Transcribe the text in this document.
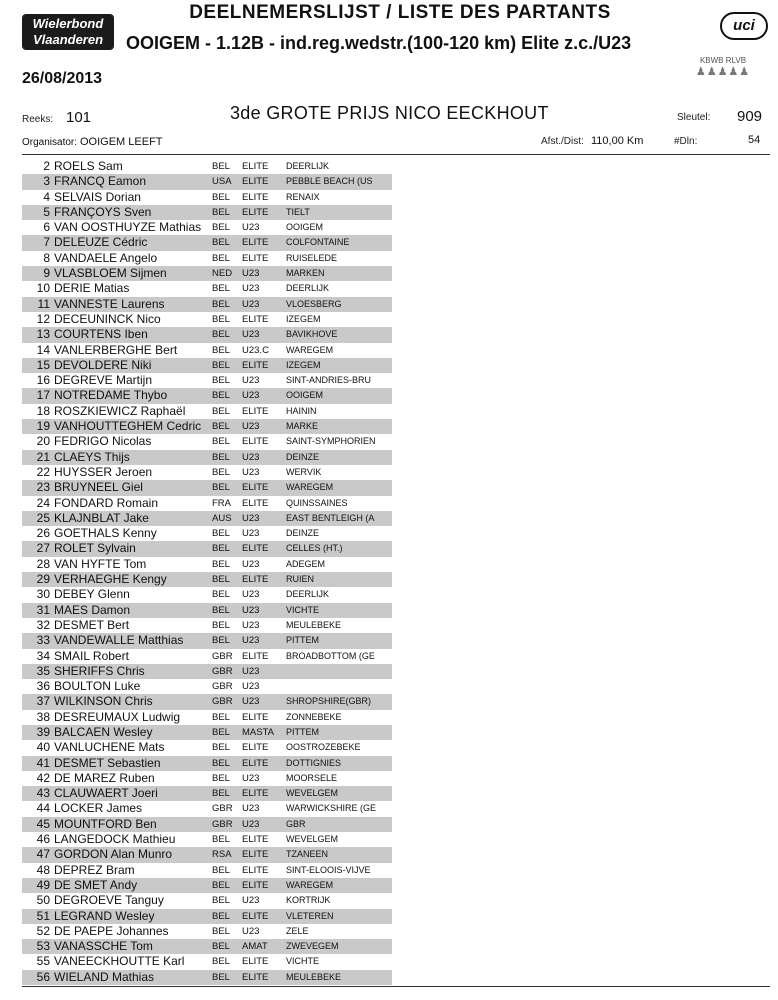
Wielerbond
Vlaanderen
DEELNEMERSLIJST / LISTE DES PARTANTS
OOIGEM - 1.12B - ind.reg.wedstr.(100-120 km) Elite z.c./U23
uci
KBWB RLVB
♟♟♟♟♟
26/08/2013
Reeks: 101	3de GROTE PRIJS NICO EECKHOUT	Sleutel: 909
Organisator: OOIGEM LEEFT	Afst./Dist: 110,00 Km	#Dln:	54
2 ROELS Sam	BEL ELITE DEERLIJK
3 FRANCQ Eamon	USA ELITE PEBBLE BEACH (US
4 SELVAIS Dorian	BEL ELITE RENAIX
5 FRANÇOYS Sven	BEL ELITE TIELT
6 VAN OOSTHUYZE Mathias	BEL U23	OOIGEM
7 DELEUZE Cédric	BEL ELITE COLFONTAINE
8 VANDAELE Angelo	BEL ELITE RUISELEDE
9 VLASBLOEM Sijmen	NED U23	MARKEN
10 DERIE Matias	BEL U23	DEERLIJK
11 VANNESTE Laurens	BEL U23	VLOESBERG
12 DECEUNINCK Nico	BEL ELITE IZEGEM
13 COURTENS Iben	BEL U23	BAVIKHOVE
14 VANLERBERGHE Bert	BEL U23.C WAREGEM
15 DEVOLDERE Niki	BEL ELITE IZEGEM
16 DEGREVE Martijn	BEL U23	SINT-ANDRIES-BRU
17 NOTREDAME Thybo	BEL U23	OOIGEM
18 ROSZKIEWICZ Raphaël	BEL ELITE HAININ
19 VANHOUTTEGHEM Cedric	BEL U23	MARKE
20 FEDRIGO Nicolas	BEL ELITE SAINT-SYMPHORIEN
21 CLAEYS Thijs	BEL U23	DEINZE
22 HUYSSER Jeroen	BEL U23	WERVIK
23 BRUYNEEL Giel	BEL ELITE WAREGEM
24 FONDARD Romain	FRA ELITE QUINSSAINES
25 KLAJNBLAT Jake	AUS U23	EAST BENTLEIGH (A
26 GOETHALS Kenny	BEL U23	DEINZE
27 ROLET Sylvain	BEL ELITE CELLES (HT.)
28 VAN HYFTE Tom	BEL U23	ADEGEM
29 VERHAEGHE Kengy	BEL ELITE RUIEN
30 DEBEY Glenn	BEL U23	DEERLIJK
31 MAES Damon	BEL U23	VICHTE
32 DESMET Bert	BEL U23	MEULEBEKE
33 VANDEWALLE Matthias	BEL U23	PITTEM
34 SMAIL Robert	GBR ELITE BROADBOTTOM (GE
35 SHERIFFS Chris	GBR U23
36 BOULTON Luke	GBR U23
37 WILKINSON Chris	GBR U23	SHROPSHIRE(GBR)
38 DESREUMAUX Ludwig	BEL ELITE ZONNEBEKE
39 BALCAEN Wesley	BEL MASTA PITTEM
40 VANLUCHENE Mats	BEL ELITE OOSTROZEBEKE
41 DESMET Sebastien	BEL ELITE DOTTIGNIES
42 DE MAREZ Ruben	BEL U23	MOORSELE
43 CLAUWAERT Joeri	BEL ELITE WEVELGEM
44 LOCKER James	GBR U23	WARWICKSHIRE (GE
45 MOUNTFORD Ben	GBR U23	GBR
46 LANGEDOCK Mathieu	BEL ELITE WEVELGEM
47 GORDON Alan Munro	RSA ELITE TZANEEN
48 DEPREZ Bram	BEL ELITE SINT-ELOOIS-VIJVE
49 DE SMET Andy	BEL ELITE WAREGEM
50 DEGROEVE Tanguy	BEL U23	KORTRIJK
51 LEGRAND Wesley	BEL ELITE VLETEREN
52 DE PAEPE Johannes	BEL U23	ZELE
53 VANASSCHE Tom	BEL AMAT ZWEVEGEM
55 VANEECKHOUTTE Karl	BEL ELITE VICHTE
56 WIELAND Mathias	BEL ELITE MEULEBEKE
